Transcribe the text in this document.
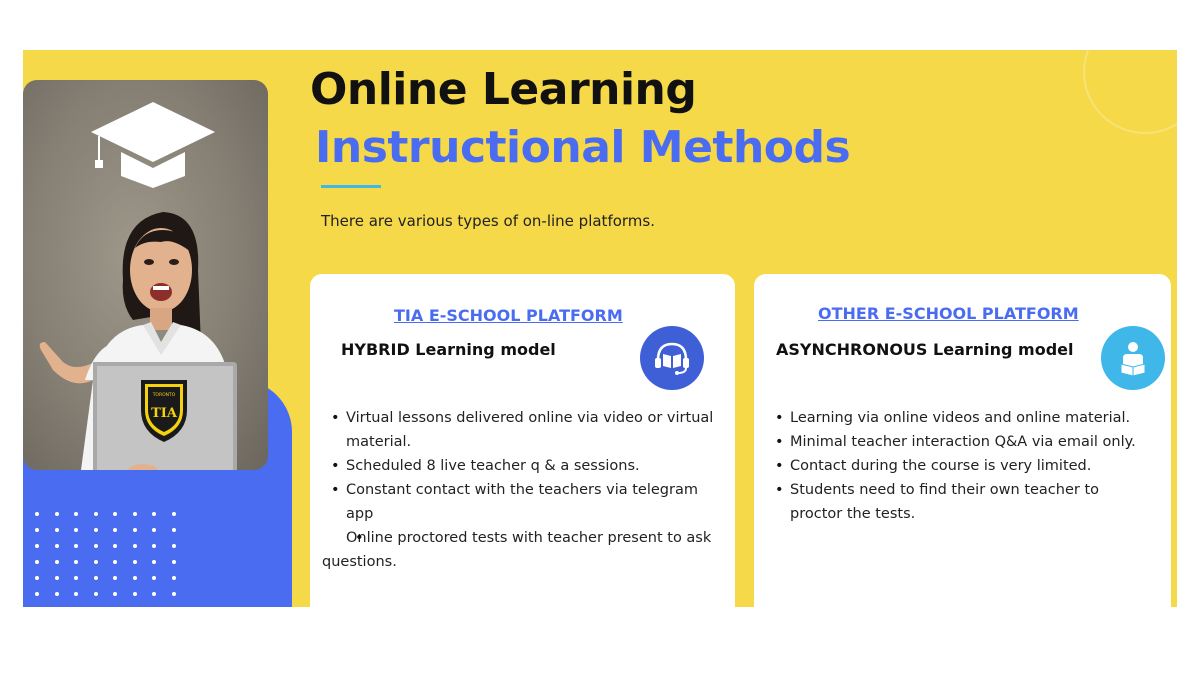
TIA
TORONTO
Online Learning
Instructional Methods
There are various types of on-line platforms.
TIA E-SCHOOL PLATFORM
HYBRID Learning model
• Virtual lessons delivered online via video or virtual material.
• Scheduled 8 live teacher q & a sessions.
• Constant contact with the teachers via telegram app
• Online proctored tests with teacher present to ask questions.
OTHER E-SCHOOL PLATFORM
ASYNCHRONOUS Learning model
• Learning via online videos and online material.
• Minimal teacher interaction Q&A via email only.
• Contact during the course is very limited.
• Students need to find their own teacher to proctor the tests.
